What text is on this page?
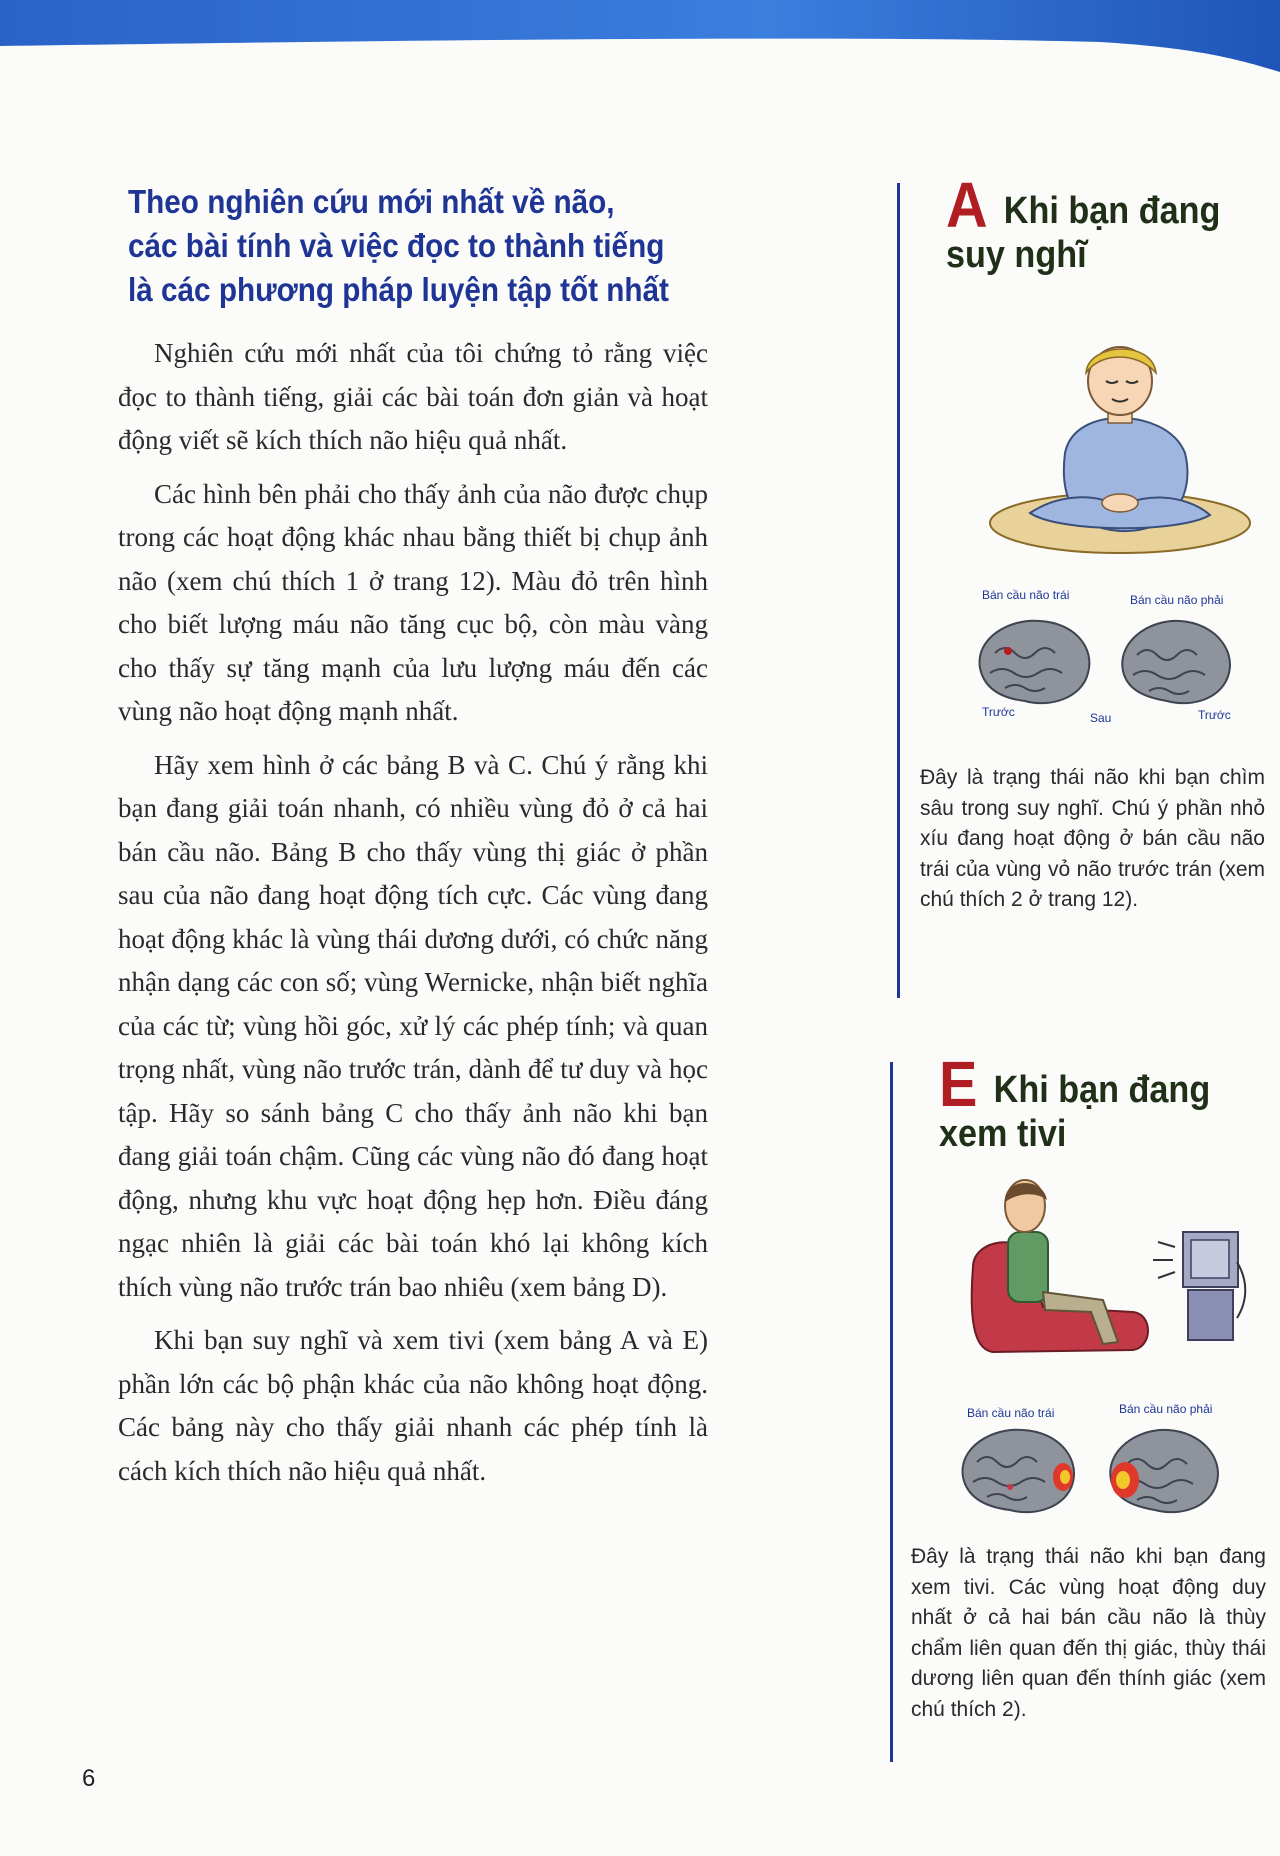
Theo nghiên cứu mới nhất về não,
các bài tính và việc đọc to thành tiếng
là các phương pháp luyện tập tốt nhất

Nghiên cứu mới nhất của tôi chứng tỏ rằng việc đọc to thành tiếng, giải các bài toán đơn giản và hoạt động viết sẽ kích thích não hiệu quả nhất.

Các hình bên phải cho thấy ảnh của não được chụp trong các hoạt động khác nhau bằng thiết bị chụp ảnh não (xem chú thích 1 ở trang 12). Màu đỏ trên hình cho biết lượng máu não tăng cục bộ, còn màu vàng cho thấy sự tăng mạnh của lưu lượng máu đến các vùng não hoạt động mạnh nhất.

Hãy xem hình ở các bảng B và C. Chú ý rằng khi bạn đang giải toán nhanh, có nhiều vùng đỏ ở cả hai bán cầu não. Bảng B cho thấy vùng thị giác ở phần sau của não đang hoạt động tích cực. Các vùng đang hoạt động khác là vùng thái dương dưới, có chức năng nhận dạng các con số; vùng Wernicke, nhận biết nghĩa của các từ; vùng hồi góc, xử lý các phép tính; và quan trọng nhất, vùng não trước trán, dành để tư duy và học tập. Hãy so sánh bảng C cho thấy ảnh não khi bạn đang giải toán chậm. Cũng các vùng não đó đang hoạt động, nhưng khu vực hoạt động hẹp hơn. Điều đáng ngạc nhiên là giải các bài toán khó lại không kích thích vùng não trước trán bao nhiêu (xem bảng D).

Khi bạn suy nghĩ và xem tivi (xem bảng A và E) phần lớn các bộ phận khác của não không hoạt động. Các bảng này cho thấy giải nhanh các phép tính là cách kích thích não hiệu quả nhất.

6
A Khi bạn đang
suy nghĩ
Bán cầu não trái	Bán cầu não phải
Trước	Sau	Trước
Đây là trạng thái não khi bạn chìm sâu trong suy nghĩ. Chú ý phần nhỏ xíu đang hoạt động ở bán cầu não trái của vùng vỏ não trước trán (xem chú thích 2 ở trang 12).
E Khi bạn đang
xem tivi
Bán cầu não trái	Bán cầu não phải
Đây là trạng thái não khi bạn đang xem tivi. Các vùng hoạt động duy nhất ở cả hai bán cầu não là thùy chẩm liên quan đến thị giác, thùy thái dương liên quan đến thính giác (xem chú thích 2).
